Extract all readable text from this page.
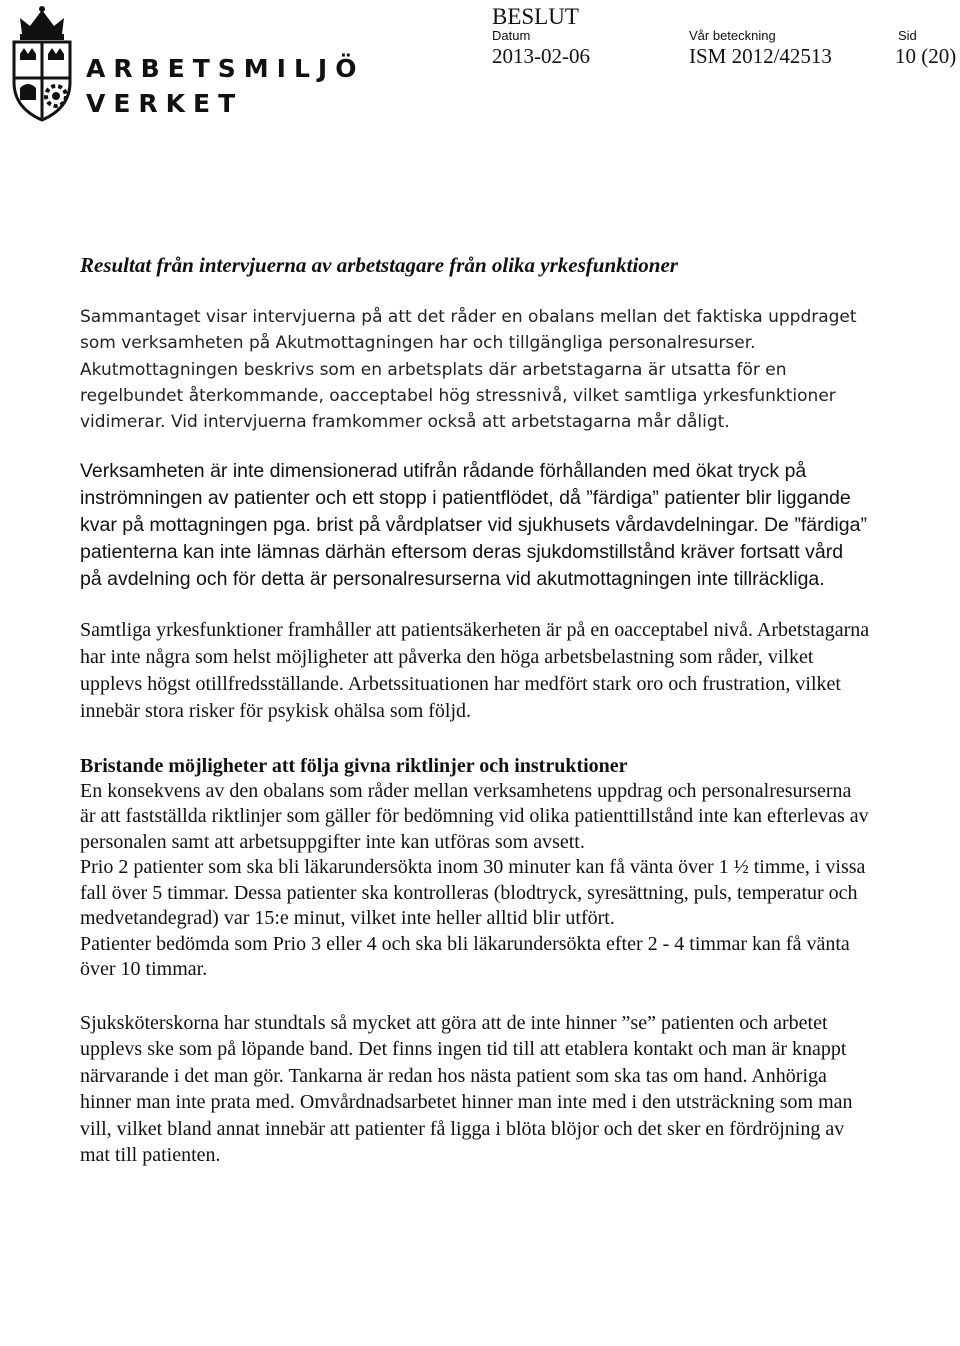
ARBETSMILJÖ
VERKET
BESLUT
Datum	Vår beteckning	Sid
2013-02-06	ISM 2012/42513	10 (20)
Resultat från intervjuerna av arbetstagare från olika yrkesfunktioner

Sammantaget visar intervjuerna på att det råder en obalans mellan det faktiska uppdraget som verksamheten på Akutmottagningen har och tillgängliga personalresurser. Akutmottagningen beskrivs som en arbetsplats där arbetstagarna är utsatta för en regelbundet återkommande, oacceptabel hög stressnivå, vilket samtliga yrkesfunktioner vidimerar. Vid intervjuerna framkommer också att arbetstagarna mår dåligt.

Verksamheten är inte dimensionerad utifrån rådande förhållanden med ökat tryck på inströmningen av patienter och ett stopp i patientflödet, då ”färdiga” patienter blir liggande kvar på mottagningen pga. brist på vårdplatser vid sjukhusets vårdavdelningar. De ”färdiga” patienterna kan inte lämnas därhän eftersom deras sjukdomstillstånd kräver fortsatt vård på avdelning och för detta är personalresurserna vid akutmottagningen inte tillräckliga.

Samtliga yrkesfunktioner framhåller att patientsäkerheten är på en oacceptabel nivå. Arbetstagarna har inte några som helst möjligheter att påverka den höga arbetsbelastning som råder, vilket upplevs högst otillfredsställande. Arbetssituationen har medfört stark oro och frustration, vilket innebär stora risker för psykisk ohälsa som följd.

Bristande möjligheter att följa givna riktlinjer och instruktioner

En konsekvens av den obalans som råder mellan verksamhetens uppdrag och personalresurserna är att fastställda riktlinjer som gäller för bedömning vid olika patienttillstånd inte kan efterlevas av personalen samt att arbetsuppgifter inte kan utföras som avsett.

Prio 2 patienter som ska bli läkarundersökta inom 30 minuter kan få vänta över 1 ½ timme, i vissa fall över 5 timmar. Dessa patienter ska kontrolleras (blodtryck, syresättning, puls, temperatur och medvetandegrad) var 15:e minut, vilket inte heller alltid blir utfört.

Patienter bedömda som Prio 3 eller 4 och ska bli läkarundersökta efter 2 - 4 timmar kan få vänta över 10 timmar.

Sjuksköterskorna har stundtals så mycket att göra att de inte hinner ”se” patienten och arbetet upplevs ske som på löpande band. Det finns ingen tid till att etablera kontakt och man är knappt närvarande i det man gör. Tankarna är redan hos nästa patient som ska tas om hand. Anhöriga hinner man inte prata med. Omvårdnadsarbetet hinner man inte med i den utsträckning som man vill, vilket bland annat innebär att patienter få ligga i blöta blöjor och det sker en fördröjning av mat till patienten.
